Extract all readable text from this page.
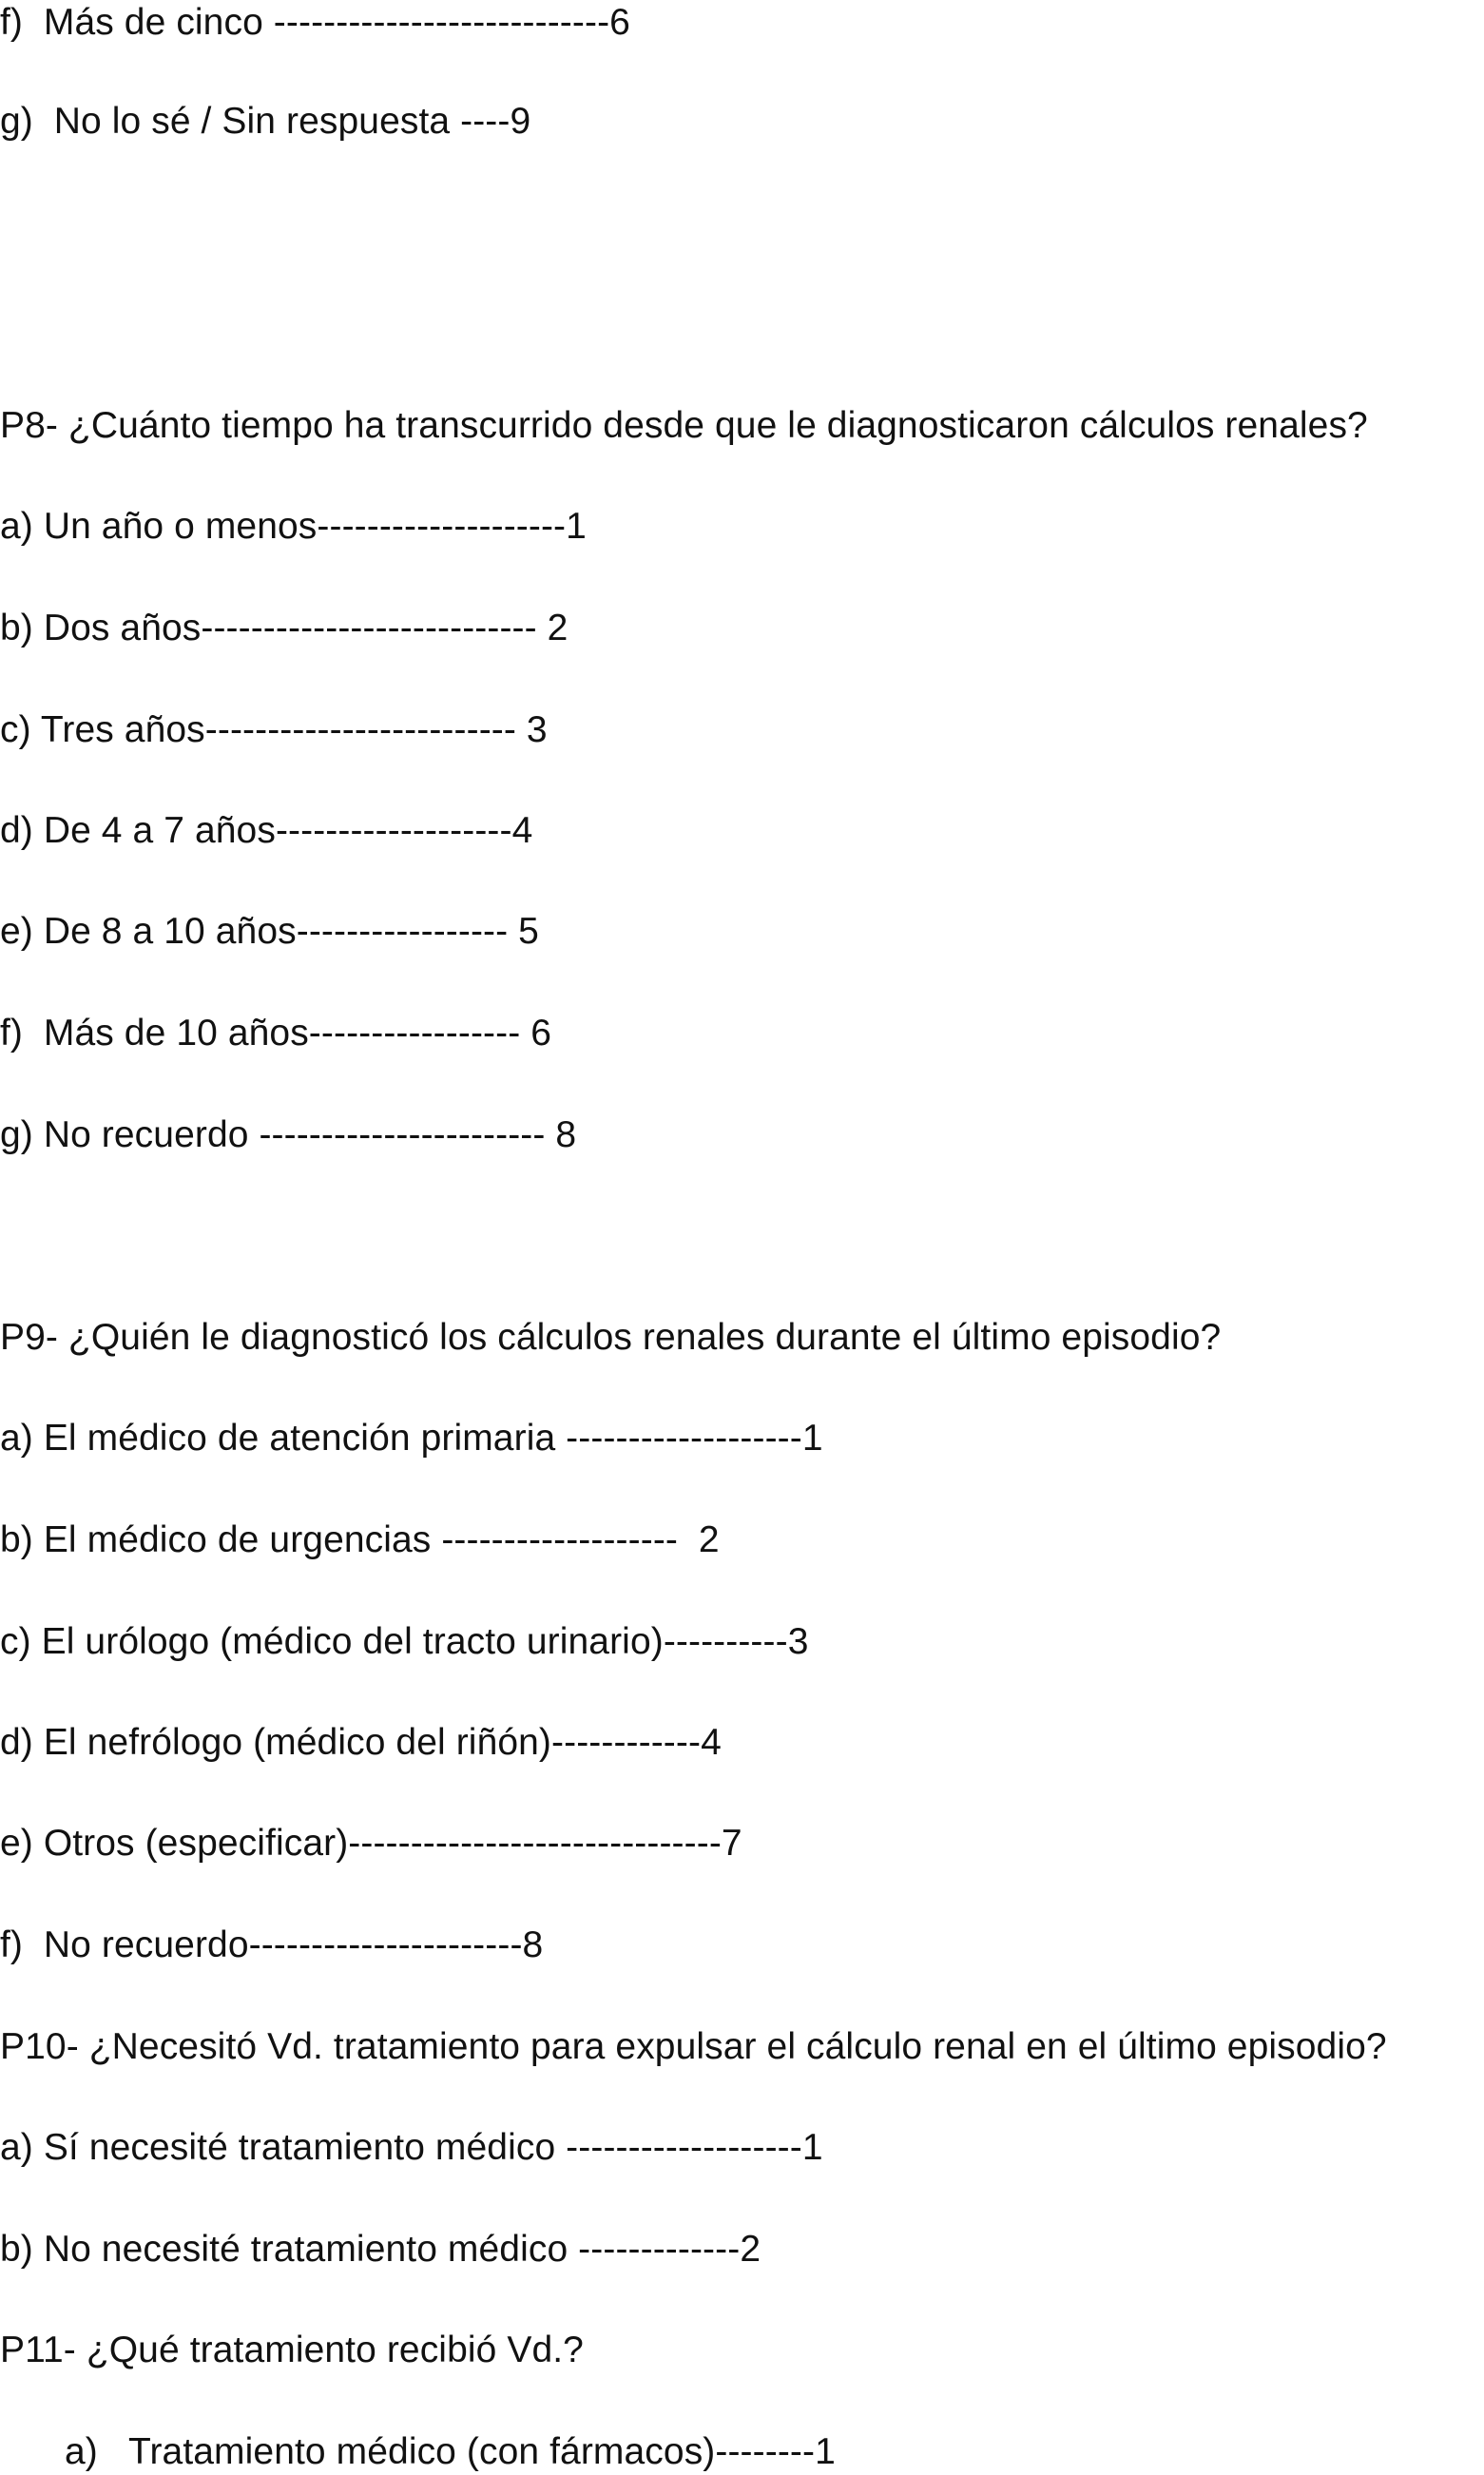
f)  Más de cinco ---------------------------6
g)  No lo sé / Sin respuesta ----9
P8- ¿Cuánto tiempo ha transcurrido desde que le diagnosticaron cálculos renales?
a) Un año o menos--------------------1
b) Dos años--------------------------- 2
c) Tres años------------------------- 3
d) De 4 a 7 años-------------------4
e) De 8 a 10 años----------------- 5
f)  Más de 10 años----------------- 6
g) No recuerdo ----------------------- 8
P9- ¿Quién le diagnosticó los cálculos renales durante el último episodio?
a) El médico de atención primaria -------------------1
b) El médico de urgencias -------------------  2
c) El urólogo (médico del tracto urinario)----------3
d) El nefrólogo (médico del riñón)------------4
e) Otros (especificar)------------------------------7
f)  No recuerdo----------------------8
P10- ¿Necesitó Vd. tratamiento para expulsar el cálculo renal en el último episodio?
a) Sí necesité tratamiento médico -------------------1
b) No necesité tratamiento médico -------------2
P11- ¿Qué tratamiento recibió Vd.?
a)   Tratamiento médico (con fármacos)--------1
